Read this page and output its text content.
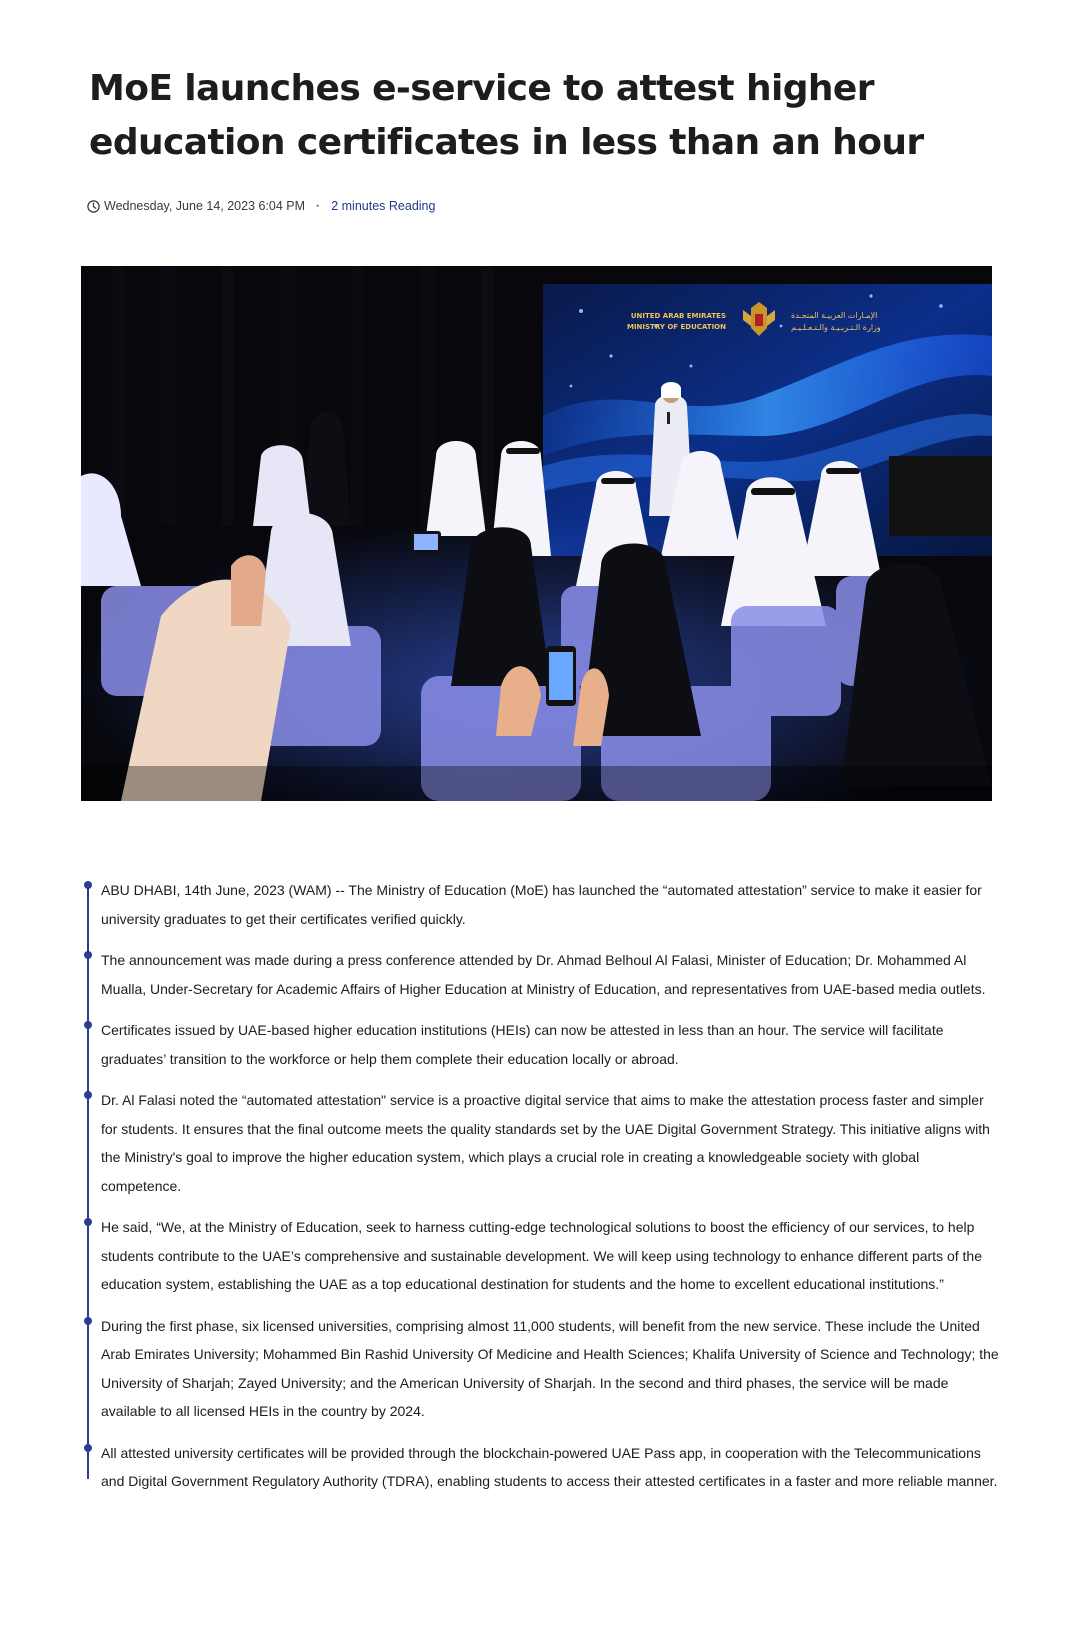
MoE launches e-service to attest higher education certificates in less than an hour
Wednesday, June 14, 2023 6:04 PM • 2 minutes Reading
UNITED ARAB EMIRATES
MINISTRY OF EDUCATION
الإمـارات العربيـة المتحـدة
وزارة الـتـربـيـة والـتـعـلـيـم

ABU DHABI, 14th June, 2023 (WAM) -- The Ministry of Education (MoE) has launched the “automated attestation” service to make it easier for university graduates to get their certificates verified quickly.

The announcement was made during a press conference attended by Dr. Ahmad Belhoul Al Falasi, Minister of Education; Dr. Mohammed Al Mualla, Under-Secretary for Academic Affairs of Higher Education at Ministry of Education, and representatives from UAE-based media outlets.

Certificates issued by UAE-based higher education institutions (HEIs) can now be attested in less than an hour. The service will facilitate graduates’ transition to the workforce or help them complete their education locally or abroad.

Dr. Al Falasi noted the “automated attestation" service is a proactive digital service that aims to make the attestation process faster and simpler for students. It ensures that the final outcome meets the quality standards set by the UAE Digital Government Strategy. This initiative aligns with the Ministry's goal to improve the higher education system, which plays a crucial role in creating a knowledgeable society with global competence.

He said, “We, at the Ministry of Education, seek to harness cutting-edge technological solutions to boost the efficiency of our services, to help students contribute to the UAE’s comprehensive and sustainable development. We will keep using technology to enhance different parts of the education system, establishing the UAE as a top educational destination for students and the home to excellent educational institutions.”

During the first phase, six licensed universities, comprising almost 11,000 students, will benefit from the new service. These include the United Arab Emirates University; Mohammed Bin Rashid University Of Medicine and Health Sciences; Khalifa University of Science and Technology; the University of Sharjah; Zayed University; and the American University of Sharjah. In the second and third phases, the service will be made available to all licensed HEIs in the country by 2024.

All attested university certificates will be provided through the blockchain-powered UAE Pass app, in cooperation with the Telecommunications and Digital Government Regulatory Authority (TDRA), enabling students to access their attested certificates in a faster and more reliable manner.
